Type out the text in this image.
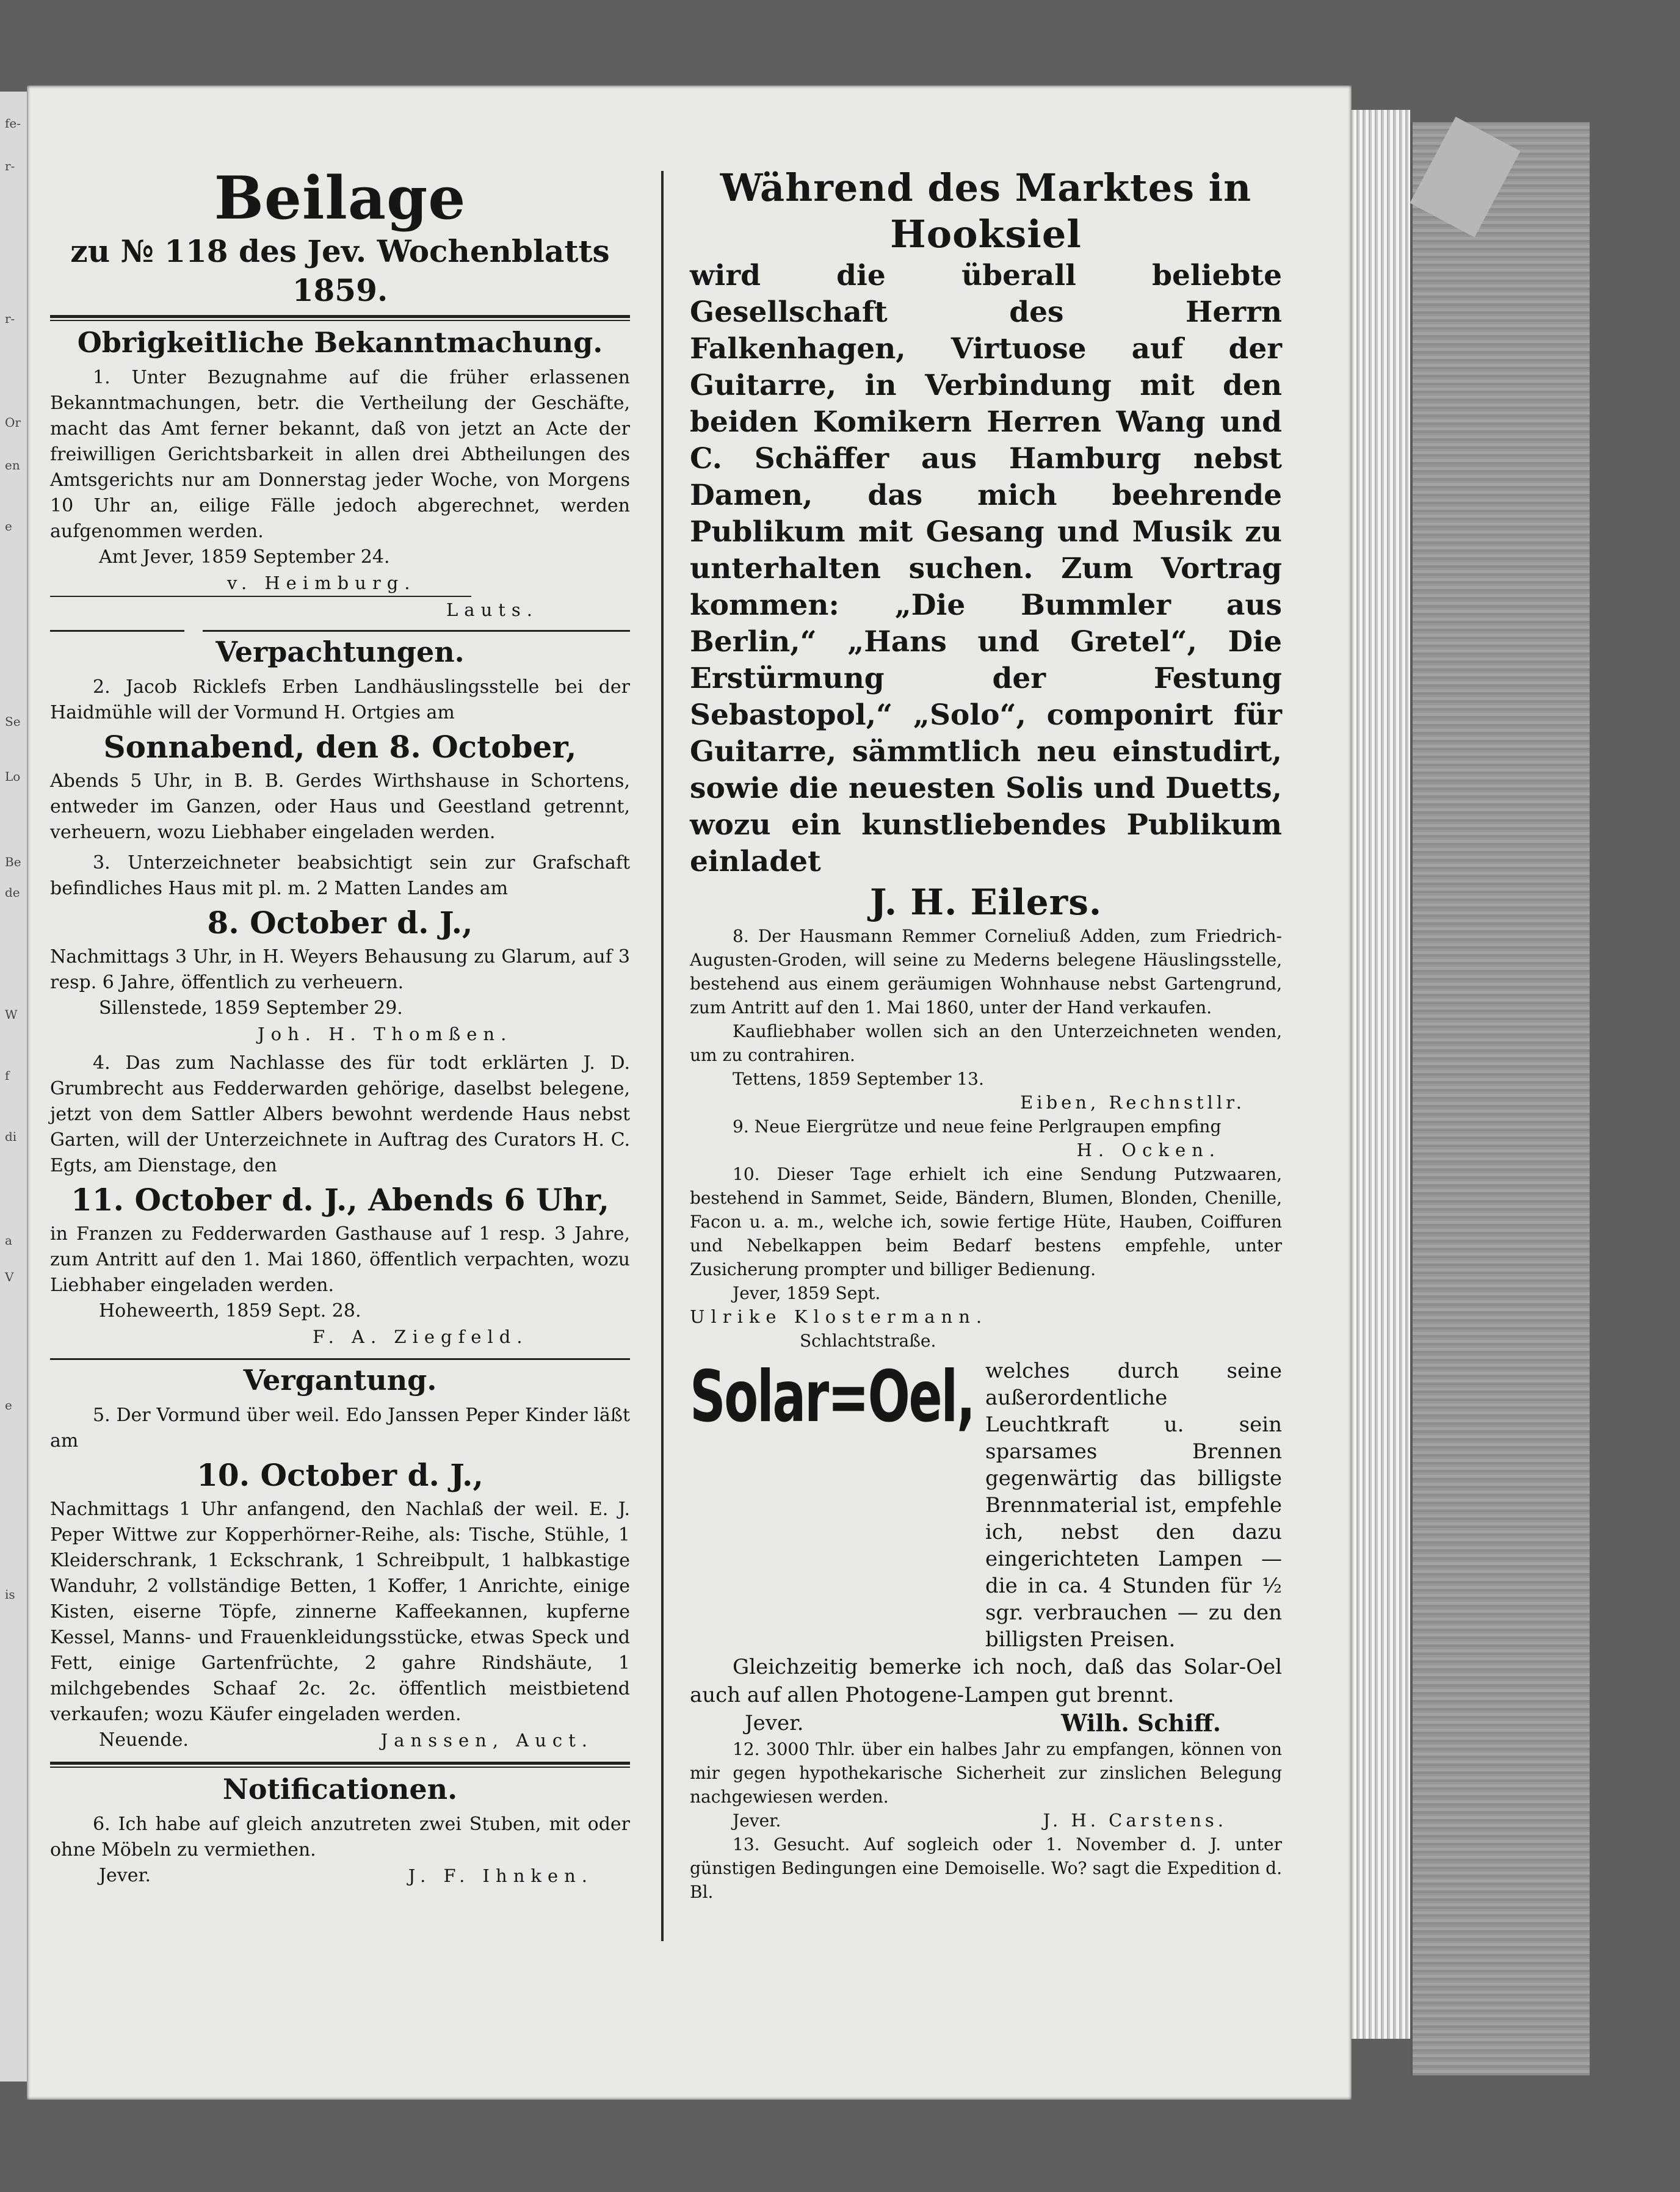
fe-
r-
r-
Or
en
e
Se
Lo
Be
de
W
f
di
a
V
e
is
Beilage
zu № 118 des Jev. Wochenblatts 1859.
Obrigkeitliche Bekanntmachung.

1. Unter Bezugnahme auf die früher erlassenen Bekanntmachungen, betr. die Vertheilung der Geschäfte, macht das Amt ferner bekannt, daß von jetzt an Acte der freiwilligen Gerichtsbarkeit in allen drei Abtheilungen des Amtsgerichts nur am Donnerstag jeder Woche, von Morgens 10 Uhr an, eilige Fälle jedoch abgerechnet, werden aufgenommen werden.

Amt Jever, 1859 September 24.

v. Heimburg.

Lauts.

Verpachtungen.

2. Jacob Ricklefs Erben Landhäuslingsstelle bei der Haidmühle will der Vormund H. Ortgies am

Sonnabend, den 8. October,

Abends 5 Uhr, in B. B. Gerdes Wirthshause in Schortens, entweder im Ganzen, oder Haus und Geestland getrennt, verheuern, wozu Liebhaber eingeladen werden.

3. Unterzeichneter beabsichtigt sein zur Grafschaft befindliches Haus mit pl. m. 2 Matten Landes am

8. October d. J.,

Nachmittags 3 Uhr, in H. Weyers Behausung zu Glarum, auf 3 resp. 6 Jahre, öffentlich zu verheuern.

Sillenstede, 1859 September 29.

Joh. H. Thomßen.

4. Das zum Nachlasse des für todt erklärten J. D. Grumbrecht aus Fedderwarden gehörige, daselbst belegene, jetzt von dem Sattler Albers bewohnt werdende Haus nebst Garten, will der Unterzeichnete in Auftrag des Curators H. C. Egts, am Dienstage, den

11. October d. J., Abends 6 Uhr,

in Franzen zu Fedderwarden Gasthause auf 1 resp. 3 Jahre, zum Antritt auf den 1. Mai 1860, öffentlich verpachten, wozu Liebhaber eingeladen werden.

Hoheweerth, 1859 Sept. 28.

F. A. Ziegfeld.

Vergantung.

5. Der Vormund über weil. Edo Janssen Peper Kinder läßt am

10. October d. J.,

Nachmittags 1 Uhr anfangend, den Nachlaß der weil. E. J. Peper Wittwe zur Kopperhörner-Reihe, als: Tische, Stühle, 1 Kleiderschrank, 1 Eckschrank, 1 Schreibpult, 1 halbkastige Wanduhr, 2 vollständige Betten, 1 Koffer, 1 Anrichte, einige Kisten, eiserne Töpfe, zinnerne Kaffeekannen, kupferne Kessel, Manns- und Frauenkleidungsstücke, etwas Speck und Fett, einige Gartenfrüchte, 2 gahre Rindshäute, 1 milchgebendes Schaaf 2c. 2c. öffentlich meistbietend verkaufen; wozu Käufer eingeladen werden.

Neuende.	Janssen, Auct.
Notificationen.

6. Ich habe auf gleich anzutreten zwei Stuben, mit oder ohne Möbeln zu vermiethen.

Jever.	J. F. Ihnken.
Während des Marktes in
Hooksiel

wird die überall beliebte Gesellschaft des Herrn Falkenhagen, Virtuose auf der Guitarre, in Verbindung mit den beiden Komikern Herren Wang und C. Schäffer aus Hamburg nebst Damen, das mich beehrende Publikum mit Gesang und Musik zu unterhalten suchen. Zum Vortrag kommen: „Die Bummler aus Berlin,“ „Hans und Gretel“, Die Erstürmung der Festung Sebastopol,“ „Solo“, componirt für Guitarre, sämmtlich neu einstudirt, sowie die neuesten Solis und Duetts, wozu ein kunstliebendes Publikum einladet

J. H. Eilers.

8. Der Hausmann Remmer Corneliuß Adden, zum Friedrich-Augusten-Groden, will seine zu Mederns belegene Häuslingsstelle, bestehend aus einem geräumigen Wohnhause nebst Gartengrund, zum Antritt auf den 1. Mai 1860, unter der Hand verkaufen.

Kaufliebhaber wollen sich an den Unterzeichneten wenden, um zu contrahiren.

Tettens, 1859 September 13.

Eiben, Rechnstllr.

9. Neue Eiergrütze und neue feine Perlgraupen empfing

H. Ocken.

10. Dieser Tage erhielt ich eine Sendung Putzwaaren, bestehend in Sammet, Seide, Bändern, Blumen, Blonden, Chenille, Facon u. a. m., welche ich, sowie fertige Hüte, Hauben, Coiffuren und Nebelkappen beim Bedarf bestens empfehle, unter Zusicherung prompter und billiger Bedienung.

Jever, 1859 Sept.

Ulrike Klostermann.

Schlachtstraße.

Solar=Oel, welches durch seine außerordentliche Leuchtkraft u. sein sparsames Brennen gegenwärtig das billigste Brennmaterial ist, empfehle ich, nebst den dazu eingerichteten Lampen — die in ca. 4 Stunden für ½ sgr. verbrauchen — zu den billigsten Preisen.

Gleichzeitig bemerke ich noch, daß das Solar-Oel auch auf allen Photogene-Lampen gut brennt.

Jever.	Wilh. Schiff.

12. 3000 Thlr. über ein halbes Jahr zu empfangen, können von mir gegen hypothekarische Sicherheit zur zinslichen Belegung nachgewiesen werden.

Jever.	J. H. Carstens.

13. Gesucht. Auf sogleich oder 1. November d. J. unter günstigen Bedingungen eine Demoiselle. Wo? sagt die Expedition d. Bl.
